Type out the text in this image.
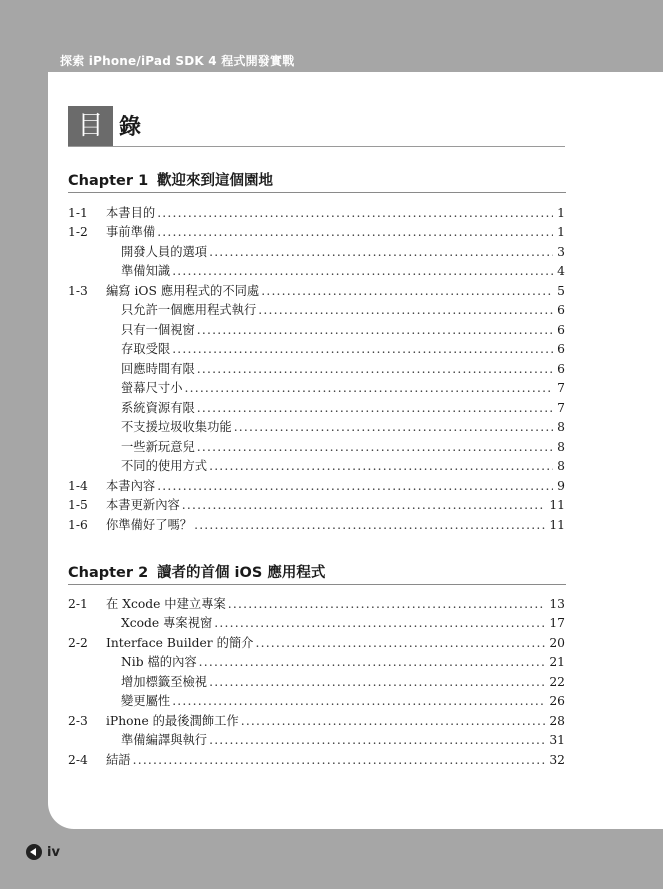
探索 iPhone/iPad SDK 4 程式開發實戰
目 錄
Chapter 1 歡迎來到這個園地
1-1	本書目的 .....	1
1-2	事前準備 .....	1
開發人員的選項 .....	3
準備知識 .....	4
1-3	編寫 iOS 應用程式的不同處 .....	5
只允許一個應用程式執行 .....	6
只有一個視窗 .....	6
存取受限 .....	6
回應時間有限 .....	6
螢幕尺寸小 .....	7
系統資源有限 .....	7
不支援垃圾收集功能 .....	8
一些新玩意兒 .....	8
不同的使用方式 .....	8
1-4	本書內容 .....	9
1-5	本書更新內容 .....	11
1-6	你準備好了嗎？ .....	11
Chapter 2 讀者的首個 iOS 應用程式
2-1	在 Xcode 中建立專案 .....	13
Xcode 專案視窗 .....	17
2-2	Interface Builder 的簡介 .....	20
Nib 檔的內容 .....	21
增加標籤至檢視 .....	22
變更屬性 .....	26
2-3	iPhone 的最後潤飾工作 .....	28
準備編譯與執行 .....	31
2-4	結語 .....	32
iv
